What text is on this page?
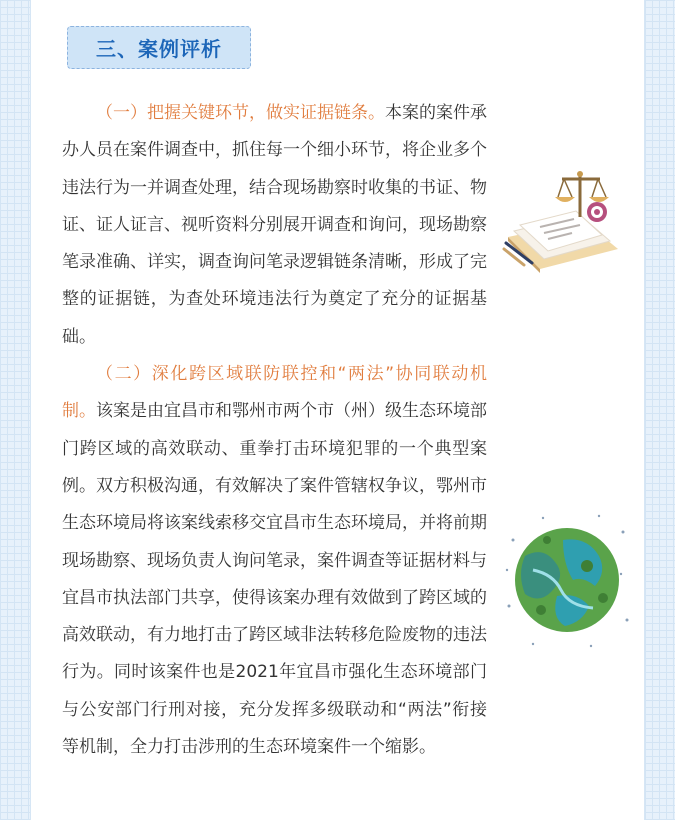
三、案例评析

（一）把握关键环节，做实证据链条。本案的案件承办人员在案件调查中，抓住每一个细小环节，将企业多个违法行为一并调查处理，结合现场勘察时收集的书证、物证、证人证言、视听资料分别展开调查和询问，现场勘察笔录准确、详实，调查询问笔录逻辑链条清晰，形成了完整的证据链，为查处环境违法行为奠定了充分的证据基础。

（二）深化跨区域联防联控和“两法”协同联动机制。该案是由宜昌市和鄂州市两个市（州）级生态环境部门跨区域的高效联动、重拳打击环境犯罪的一个典型案例。双方积极沟通，有效解决了案件管辖权争议，鄂州市生态环境局将该案线索移交宜昌市生态环境局，并将前期现场勘察、现场负责人询问笔录，案件调查等证据材料与宜昌市执法部门共享，使得该案办理有效做到了跨区域的高效联动，有力地打击了跨区域非法转移危险废物的违法行为。同时该案件也是2021年宜昌市强化生态环境部门与公安部门行刑对接，充分发挥多级联动和“两法”衔接等机制，全力打击涉刑的生态环境案件一个缩影。
